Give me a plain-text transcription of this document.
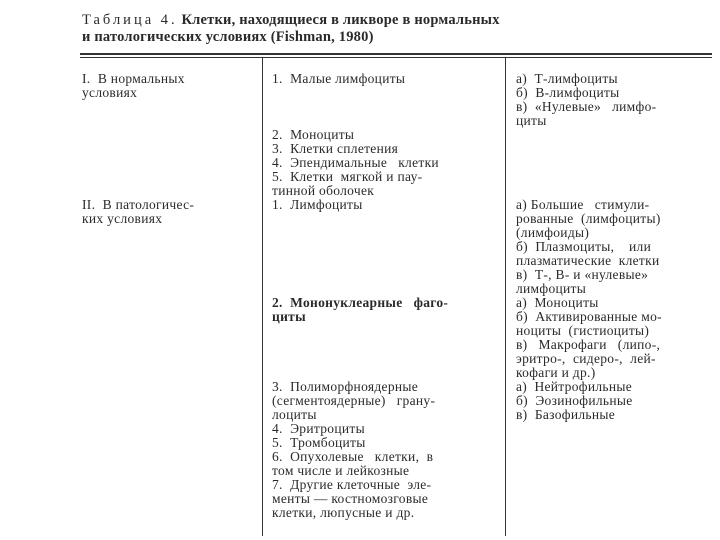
Таблица 4. Клетки, находящиеся в ликворе в нормальных
и патологических условиях (Fishman, 1980)
I.  В нормальных
условиях
1.  Малые лимфоциты	а)  Т-лимфоциты
б)  В-лимфоциты
в)  «Нулевые»   лимфо-
циты
2.  Моноциты
3.  Клетки сплетения
4.  Эпендимальные   клетки
5.  Клетки  мягкой и пау-
тинной оболочек
II.  В патологичес-
ких условиях
1.  Лимфоциты	а) Большие   стимули-
рованные  (лимфоциты)
(лимфоиды)
б)  Плазмоциты,    или
плазматические  клетки
в)  Т-, В- и «нулевые»
лимфоциты
2.  Мононуклеарные   фаго-
циты
а)  Моноциты
б)  Активированные мо-
ноциты  (гистиоциты)
в)   Макрофаги   (липо-,
эритро-,  сидеро-,  лей-
кофаги и др.)
3.  Полиморфноядерные
(сегментоядерные)   грану-
лоциты
4.  Эритроциты
5.  Тромбоциты
6.  Опухолевые   клетки,  в
том числе и лейкозные
7.  Другие клеточные  эле-
менты — костномозговые
клетки, люпусные и др.
а)  Нейтрофильные
б)  Эозинофильные
в)  Базофильные
